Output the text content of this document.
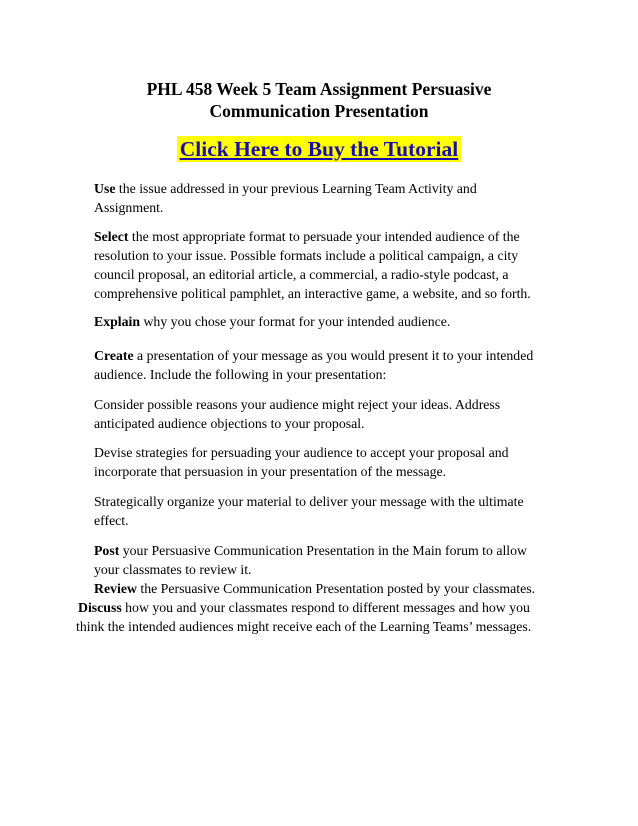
PHL 458 Week 5 Team Assignment Persuasive
Communication Presentation
Click Here to Buy the Tutorial

Use the issue addressed in your previous Learning Team Activity and
Assignment.

Select the most appropriate format to persuade your intended audience of the
resolution to your issue. Possible formats include a political campaign, a city
council proposal, an editorial article, a commercial, a radio-style podcast, a
comprehensive political pamphlet, an interactive game, a website, and so forth.

Explain why you chose your format for your intended audience.

Create a presentation of your message as you would present it to your intended
audience. Include the following in your presentation:

Consider possible reasons your audience might reject your ideas. Address
anticipated audience objections to your proposal.

Devise strategies for persuading your audience to accept your proposal and
incorporate that persuasion in your presentation of the message.

Strategically organize your material to deliver your message with the ultimate
effect.

Post your Persuasive Communication Presentation in the Main forum to allow
your classmates to review it.

Review the Persuasive Communication Presentation posted by your classmates.
Discuss how you and your classmates respond to different messages and how you
think the intended audiences might receive each of the Learning Teams’ messages.
